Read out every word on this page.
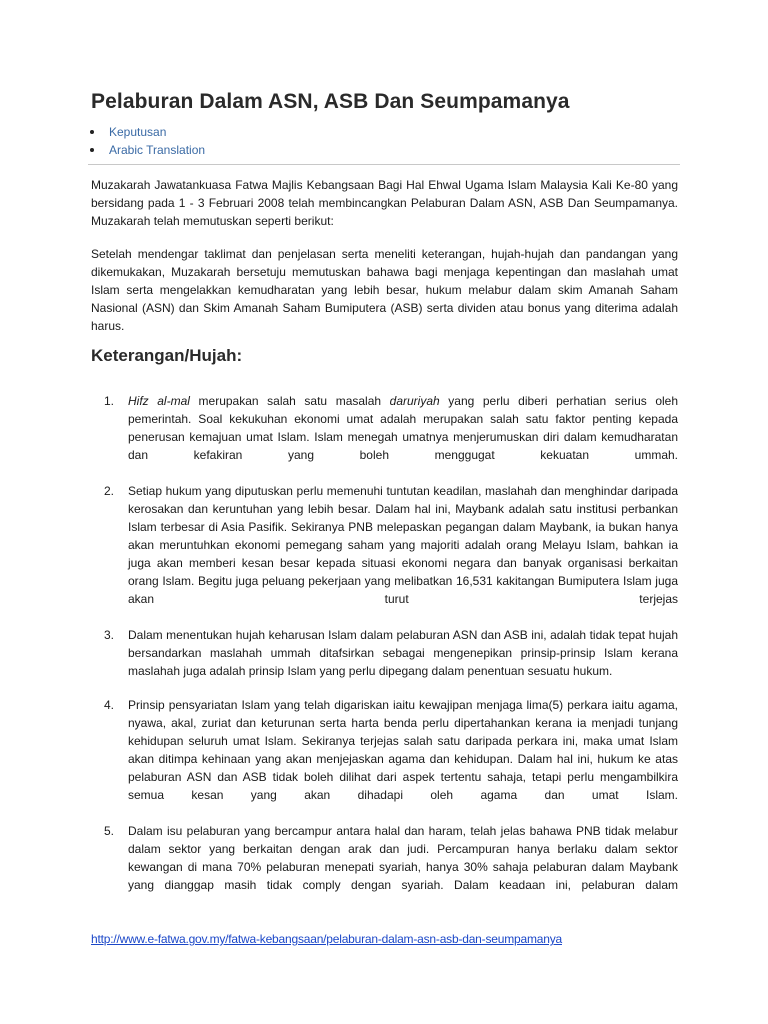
Pelaburan Dalam ASN, ASB Dan Seumpamanya
Keputusan
Arabic Translation

Muzakarah Jawatankuasa Fatwa Majlis Kebangsaan Bagi Hal Ehwal Ugama Islam Malaysia Kali Ke-80 yang bersidang pada 1 - 3 Februari 2008 telah membincangkan Pelaburan Dalam ASN, ASB Dan Seumpamanya. Muzakarah telah memutuskan seperti berikut:

Setelah mendengar taklimat dan penjelasan serta meneliti keterangan, hujah-hujah dan pandangan yang dikemukakan, Muzakarah bersetuju memutuskan bahawa bagi menjaga kepentingan dan maslahah umat Islam serta mengelakkan kemudharatan yang lebih besar, hukum melabur dalam skim Amanah Saham Nasional (ASN) dan Skim Amanah Saham Bumiputera (ASB) serta dividen atau bonus yang diterima adalah harus.

Keterangan/Hujah:
1. Hifz al-mal merupakan salah satu masalah daruriyah yang perlu diberi perhatian serius oleh pemerintah. Soal kekukuhan ekonomi umat adalah merupakan salah satu faktor penting kepada penerusan kemajuan umat Islam. Islam menegah umatnya menjerumuskan diri dalam kemudharatan dan kefakiran yang boleh menggugat kekuatan ummah.
2. Setiap hukum yang diputuskan perlu memenuhi tuntutan keadilan, maslahah dan menghindar daripada kerosakan dan keruntuhan yang lebih besar. Dalam hal ini, Maybank adalah satu institusi perbankan Islam terbesar di Asia Pasifik. Sekiranya PNB melepaskan pegangan dalam Maybank, ia bukan hanya akan meruntuhkan ekonomi pemegang saham yang majoriti adalah orang Melayu Islam, bahkan ia juga akan memberi kesan besar kepada situasi ekonomi negara dan banyak organisasi berkaitan orang Islam. Begitu juga peluang pekerjaan yang melibatkan 16,531 kakitangan Bumiputera Islam juga akan turut terjejas
3. Dalam menentukan hujah keharusan Islam dalam pelaburan ASN dan ASB ini, adalah tidak tepat hujah bersandarkan maslahah ummah ditafsirkan sebagai mengenepikan prinsip-prinsip Islam kerana maslahah juga adalah prinsip Islam yang perlu dipegang dalam penentuan sesuatu hukum.
4. Prinsip pensyariatan Islam yang telah digariskan iaitu kewajipan menjaga lima(5) perkara iaitu agama, nyawa, akal, zuriat dan keturunan serta harta benda perlu dipertahankan kerana ia menjadi tunjang kehidupan seluruh umat Islam. Sekiranya terjejas salah satu daripada perkara ini, maka umat Islam akan ditimpa kehinaan yang akan menjejaskan agama dan kehidupan. Dalam hal ini, hukum ke atas pelaburan ASN dan ASB tidak boleh dilihat dari aspek tertentu sahaja, tetapi perlu mengambilkira semua kesan yang akan dihadapi oleh agama dan umat Islam.
5. Dalam isu pelaburan yang bercampur antara halal dan haram, telah jelas bahawa PNB tidak melabur dalam sektor yang berkaitan dengan arak dan judi. Percampuran hanya berlaku dalam sektor kewangan di mana 70% pelaburan menepati syariah, hanya 30% sahaja pelaburan dalam Maybank yang dianggap masih tidak comply dengan syariah. Dalam keadaan ini, pelaburan dalam
http://www.e-fatwa.gov.my/fatwa-kebangsaan/pelaburan-dalam-asn-asb-dan-seumpamanya
